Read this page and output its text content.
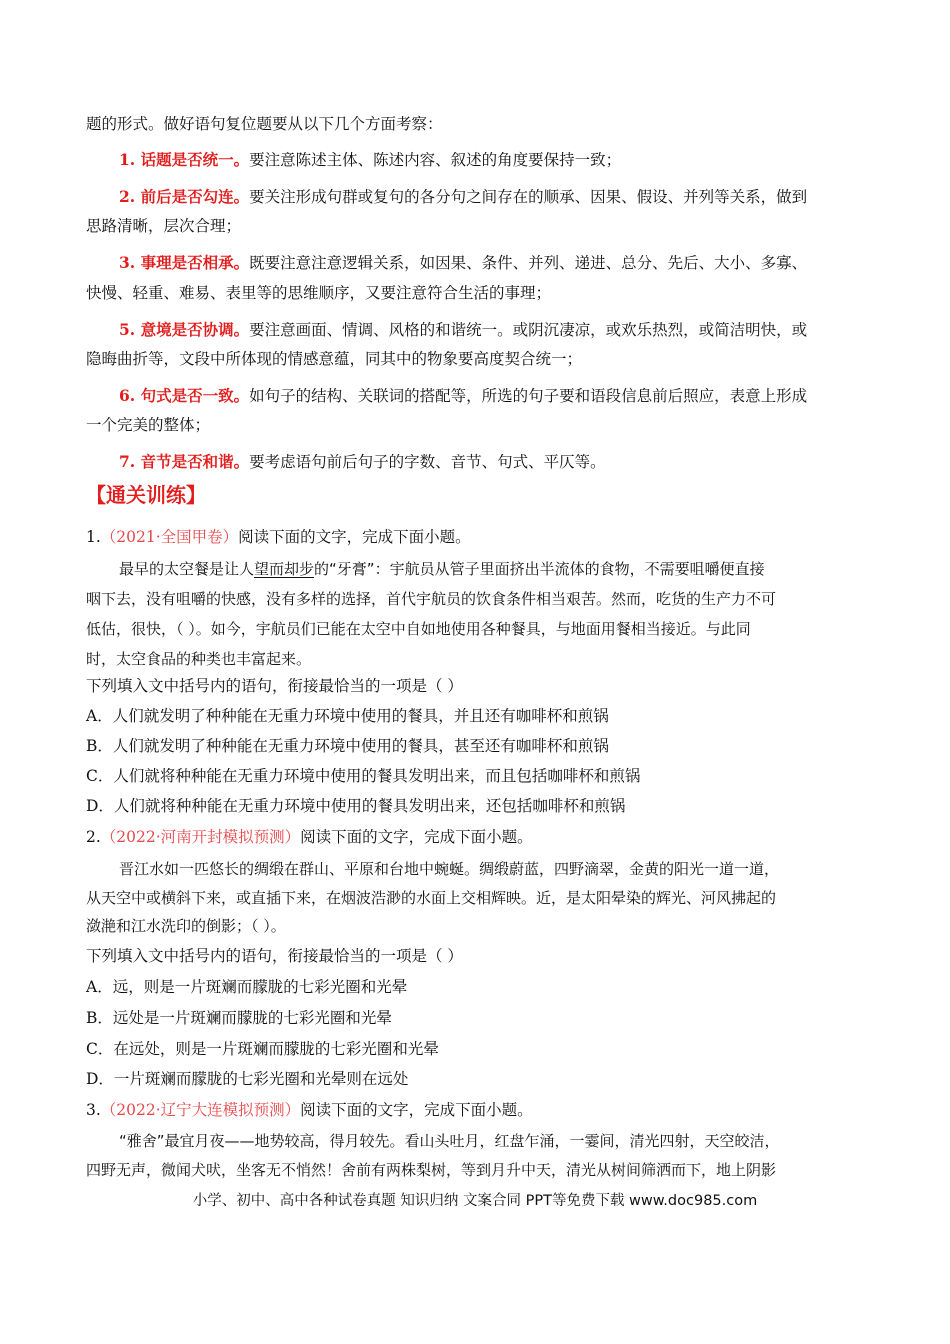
题的形式。做好语句复位题要从以下几个方面考察：
1. 话题是否统一。要注意陈述主体、陈述内容、叙述的角度要保持一致；
2. 前后是否勾连。要关注形成句群或复句的各分句之间存在的顺承、因果、假设、并列等关系，做到
思路清晰，层次合理；
3. 事理是否相承。既要注意注意逻辑关系，如因果、条件、并列、递进、总分、先后、大小、多寡、
快慢、轻重、难易、表里等的思维顺序，又要注意符合生活的事理；
5. 意境是否协调。要注意画面、情调、风格的和谐统一。或阴沉凄凉，或欢乐热烈，或简洁明快，或
隐晦曲折等，文段中所体现的情感意蕴，同其中的物象要高度契合统一；
6. 句式是否一致。如句子的结构、关联词的搭配等，所选的句子要和语段信息前后照应，表意上形成
一个完美的整体；
7. 音节是否和谐。要考虑语句前后句子的字数、音节、句式、平仄等。
【通关训练】
1.（2021·全国甲卷）阅读下面的文字，完成下面小题。
最早的太空餐是让人望而却步的“牙膏”：宇航员从管子里面挤出半流体的食物，不需要咀嚼便直接
咽下去，没有咀嚼的快感，没有多样的选择，首代宇航员的饮食条件相当艰苦。然而，吃货的生产力不可
低估，很快，（ ）。如今，宇航员们已能在太空中自如地使用各种餐具，与地面用餐相当接近。与此同
时，太空食品的种类也丰富起来。
下列填入文中括号内的语句，衔接最恰当的一项是（ ）
A．人们就发明了种种能在无重力环境中使用的餐具，并且还有咖啡杯和煎锅
B．人们就发明了种种能在无重力环境中使用的餐具，甚至还有咖啡杯和煎锅
C．人们就将种种能在无重力环境中使用的餐具发明出来，而且包括咖啡杯和煎锅
D．人们就将种种能在无重力环境中使用的餐具发明出来，还包括咖啡杯和煎锅
2.（2022·河南开封模拟预测）阅读下面的文字，完成下面小题。
晋江水如一匹悠长的绸缎在群山、平原和台地中蜿蜒。绸缎蔚蓝，四野滴翠，金黄的阳光一道一道，
从天空中或横斜下来，或直插下来，在烟波浩渺的水面上交相辉映。近，是太阳晕染的辉光、河风拂起的
潋滟和江水洗印的倒影；（ ）。
下列填入文中括号内的语句，衔接最恰当的一项是（ ）
A．远，则是一片斑斓而朦胧的七彩光圈和光晕
B．远处是一片斑斓而朦胧的七彩光圈和光晕
C．在远处，则是一片斑斓而朦胧的七彩光圈和光晕
D．一片斑斓而朦胧的七彩光圈和光晕则在远处
3.（2022·辽宁大连模拟预测）阅读下面的文字，完成下面小题。
“雅舍”最宜月夜——地势较高，得月较先。看山头吐月，红盘乍涌，一霎间，清光四射，天空皎洁，
四野无声，微闻犬吠，坐客无不悄然！舍前有两株梨树，等到月升中天，清光从树间筛洒而下，地上阴影
小学、初中、高中各种试卷真题 知识归纳 文案合同 PPT等免费下载 www.doc985.com
